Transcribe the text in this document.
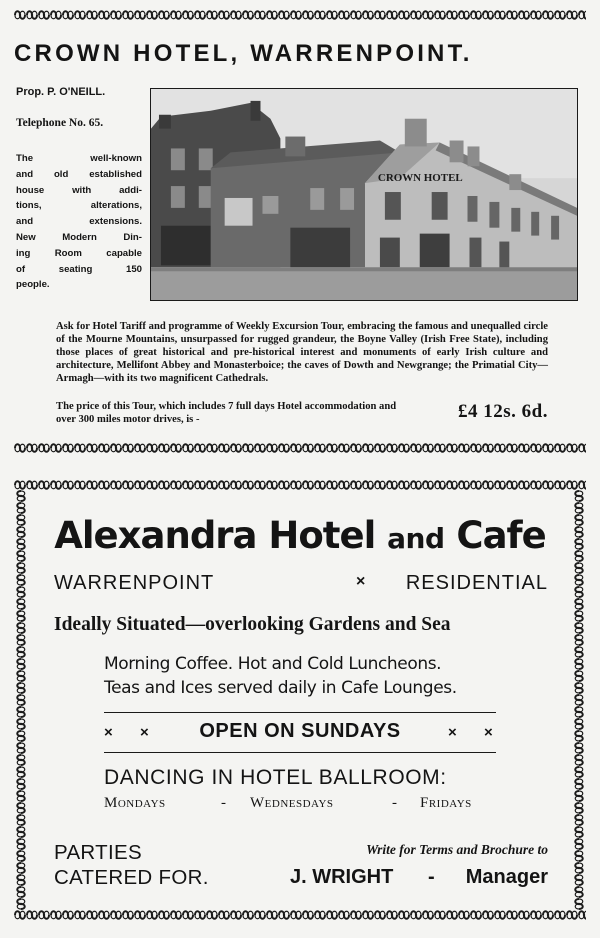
CROWN HOTEL, WARRENPOINT.
Prop. P. O'NEILL.
Telephone No. 65.
The well-known
and old established
house with addi-
tions, alterations,
and extensions.
New Modern Din-
ing Room capable
of seating 150
people.
CROWN HOTEL
Ask for Hotel Tariff and programme of Weekly Excursion Tour, embracing the famous and unequalled circle of the Mourne Mountains, unsurpassed for rugged grandeur, the Boyne Valley (Irish Free State), including those places of great historical and pre-historical interest and monuments of early Irish culture and architecture, Mellifont Abbey and Monasterboice; the caves of Dowth and Newgrange; the Primatial City—Armagh—with its two magnificent Cathedrals.
The price of this Tour, which includes 7 full days Hotel accommodation and over 300 miles motor drives, is -	£4 12s. 6d.
Alexandra Hotel and Cafe
WARRENPOINT	× RESIDENTIAL
Ideally Situated—overlooking Gardens and Sea
Morning Coffee. Hot and Cold Luncheons.
Teas and Ices served daily in Cafe Lounges.
× ×	OPEN ON SUNDAYS	× ×
DANCING IN HOTEL BALLROOM:
Mondays	- Wednesdays	- Fridays
PARTIES
CATERED FOR.
Write for Terms and Brochure to
J. WRIGHT - Manager
